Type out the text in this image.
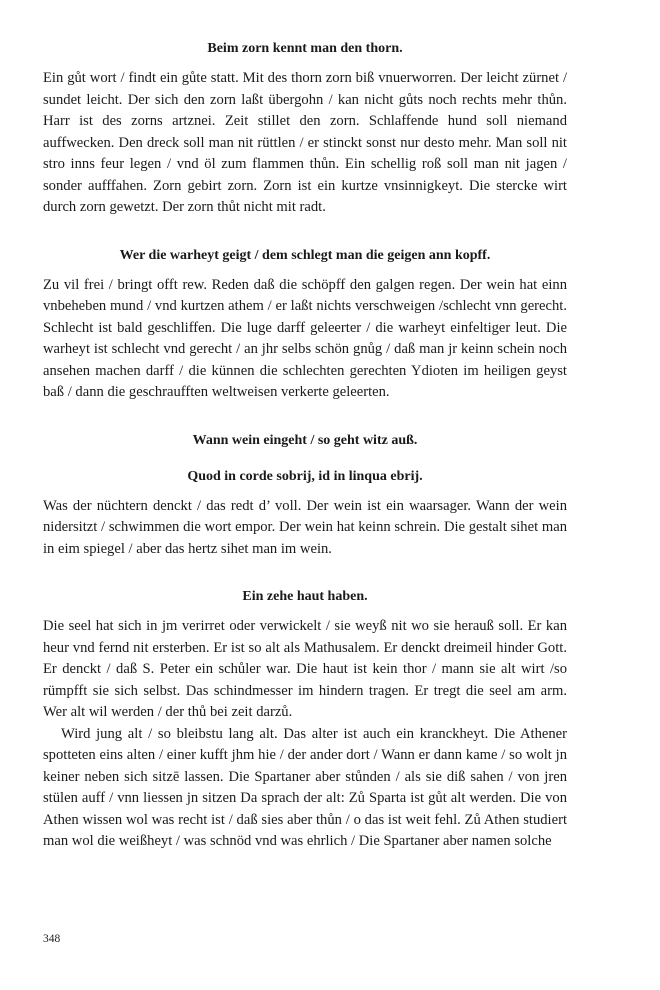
Beim zorn kennt man den thorn.

Ein gůt wort / findt ein gůte statt. Mit des thorn zorn biß vnuerworren. Der leicht zürnet / sundet leicht. Der sich den zorn laßt übergohn / kan nicht gůts noch rechts mehr thůn. Harr ist des zorns artznei. Zeit stillet den zorn. Schlaffende hund soll niemand auffwecken. Den dreck soll man nit rüttlen / er stinckt sonst nur desto mehr. Man soll nit stro inns feur legen / vnd öl zum flammen thůn. Ein schellig roß soll man nit jagen / sonder aufffahen. Zorn gebirt zorn. Zorn ist ein kurtze vnsinnigkeyt. Die stercke wirt durch zorn gewetzt. Der zorn thůt nicht mit radt.

Wer die warheyt geigt / dem schlegt man die geigen ann kopff.

Zu vil frei / bringt offt rew. Reden daß die schöpff den galgen regen. Der wein hat einn vnbeheben mund / vnd kurtzen athem / er laßt nichts verschweigen /schlecht vnn gerecht. Schlecht ist bald geschliffen. Die luge darff geleerter / die warheyt einfeltiger leut. Die warheyt ist schlecht vnd gerecht / an jhr selbs schön gnůg / daß man jr keinn schein noch ansehen machen darff / die künnen die schlechten gerechten Ydioten im heiligen geyst baß / dann die geschraufften weltweisen verkerte geleerten.

Wann wein eingeht / so geht witz auß.
Quod in corde sobrij, id in linqua ebrij.

Was der nüchtern denckt / das redt d’ voll. Der wein ist ein waarsager. Wann der wein nidersitzt / schwimmen die wort empor. Der wein hat keinn schrein. Die gestalt sihet man in eim spiegel / aber das hertz sihet man im wein.

Ein zehe haut haben.

Die seel hat sich in jm verirret oder verwickelt / sie weyß nit wo sie herauß soll. Er kan heur vnd fernd nit ersterben. Er ist so alt als Mathusalem. Er denckt dreimeil hinder Gott. Er denckt / daß S. Peter ein schůler war. Die haut ist kein thor / mann sie alt wirt /so rümpfft sie sich selbst. Das schindmesser im hindern tragen. Er tregt die seel am arm. Wer alt wil werden / der thů bei zeit darzů.

Wird jung alt / so bleibstu lang alt. Das alter ist auch ein kranckheyt. Die Athener spotteten eins alten / einer kufft jhm hie / der ander dort / Wann er dann kame / so wolt jn keiner neben sich sitzē lassen. Die Spartaner aber stůnden / als sie diß sahen / von jren stülen auff / vnn liessen jn sitzen Da sprach der alt: Zů Sparta ist gůt alt werden. Die von Athen wissen wol was recht ist / daß sies aber thůn / o das ist weit fehl. Zů Athen studiert man wol die weißheyt / was schnöd vnd was ehrlich / Die Spartaner aber namen solche

348
